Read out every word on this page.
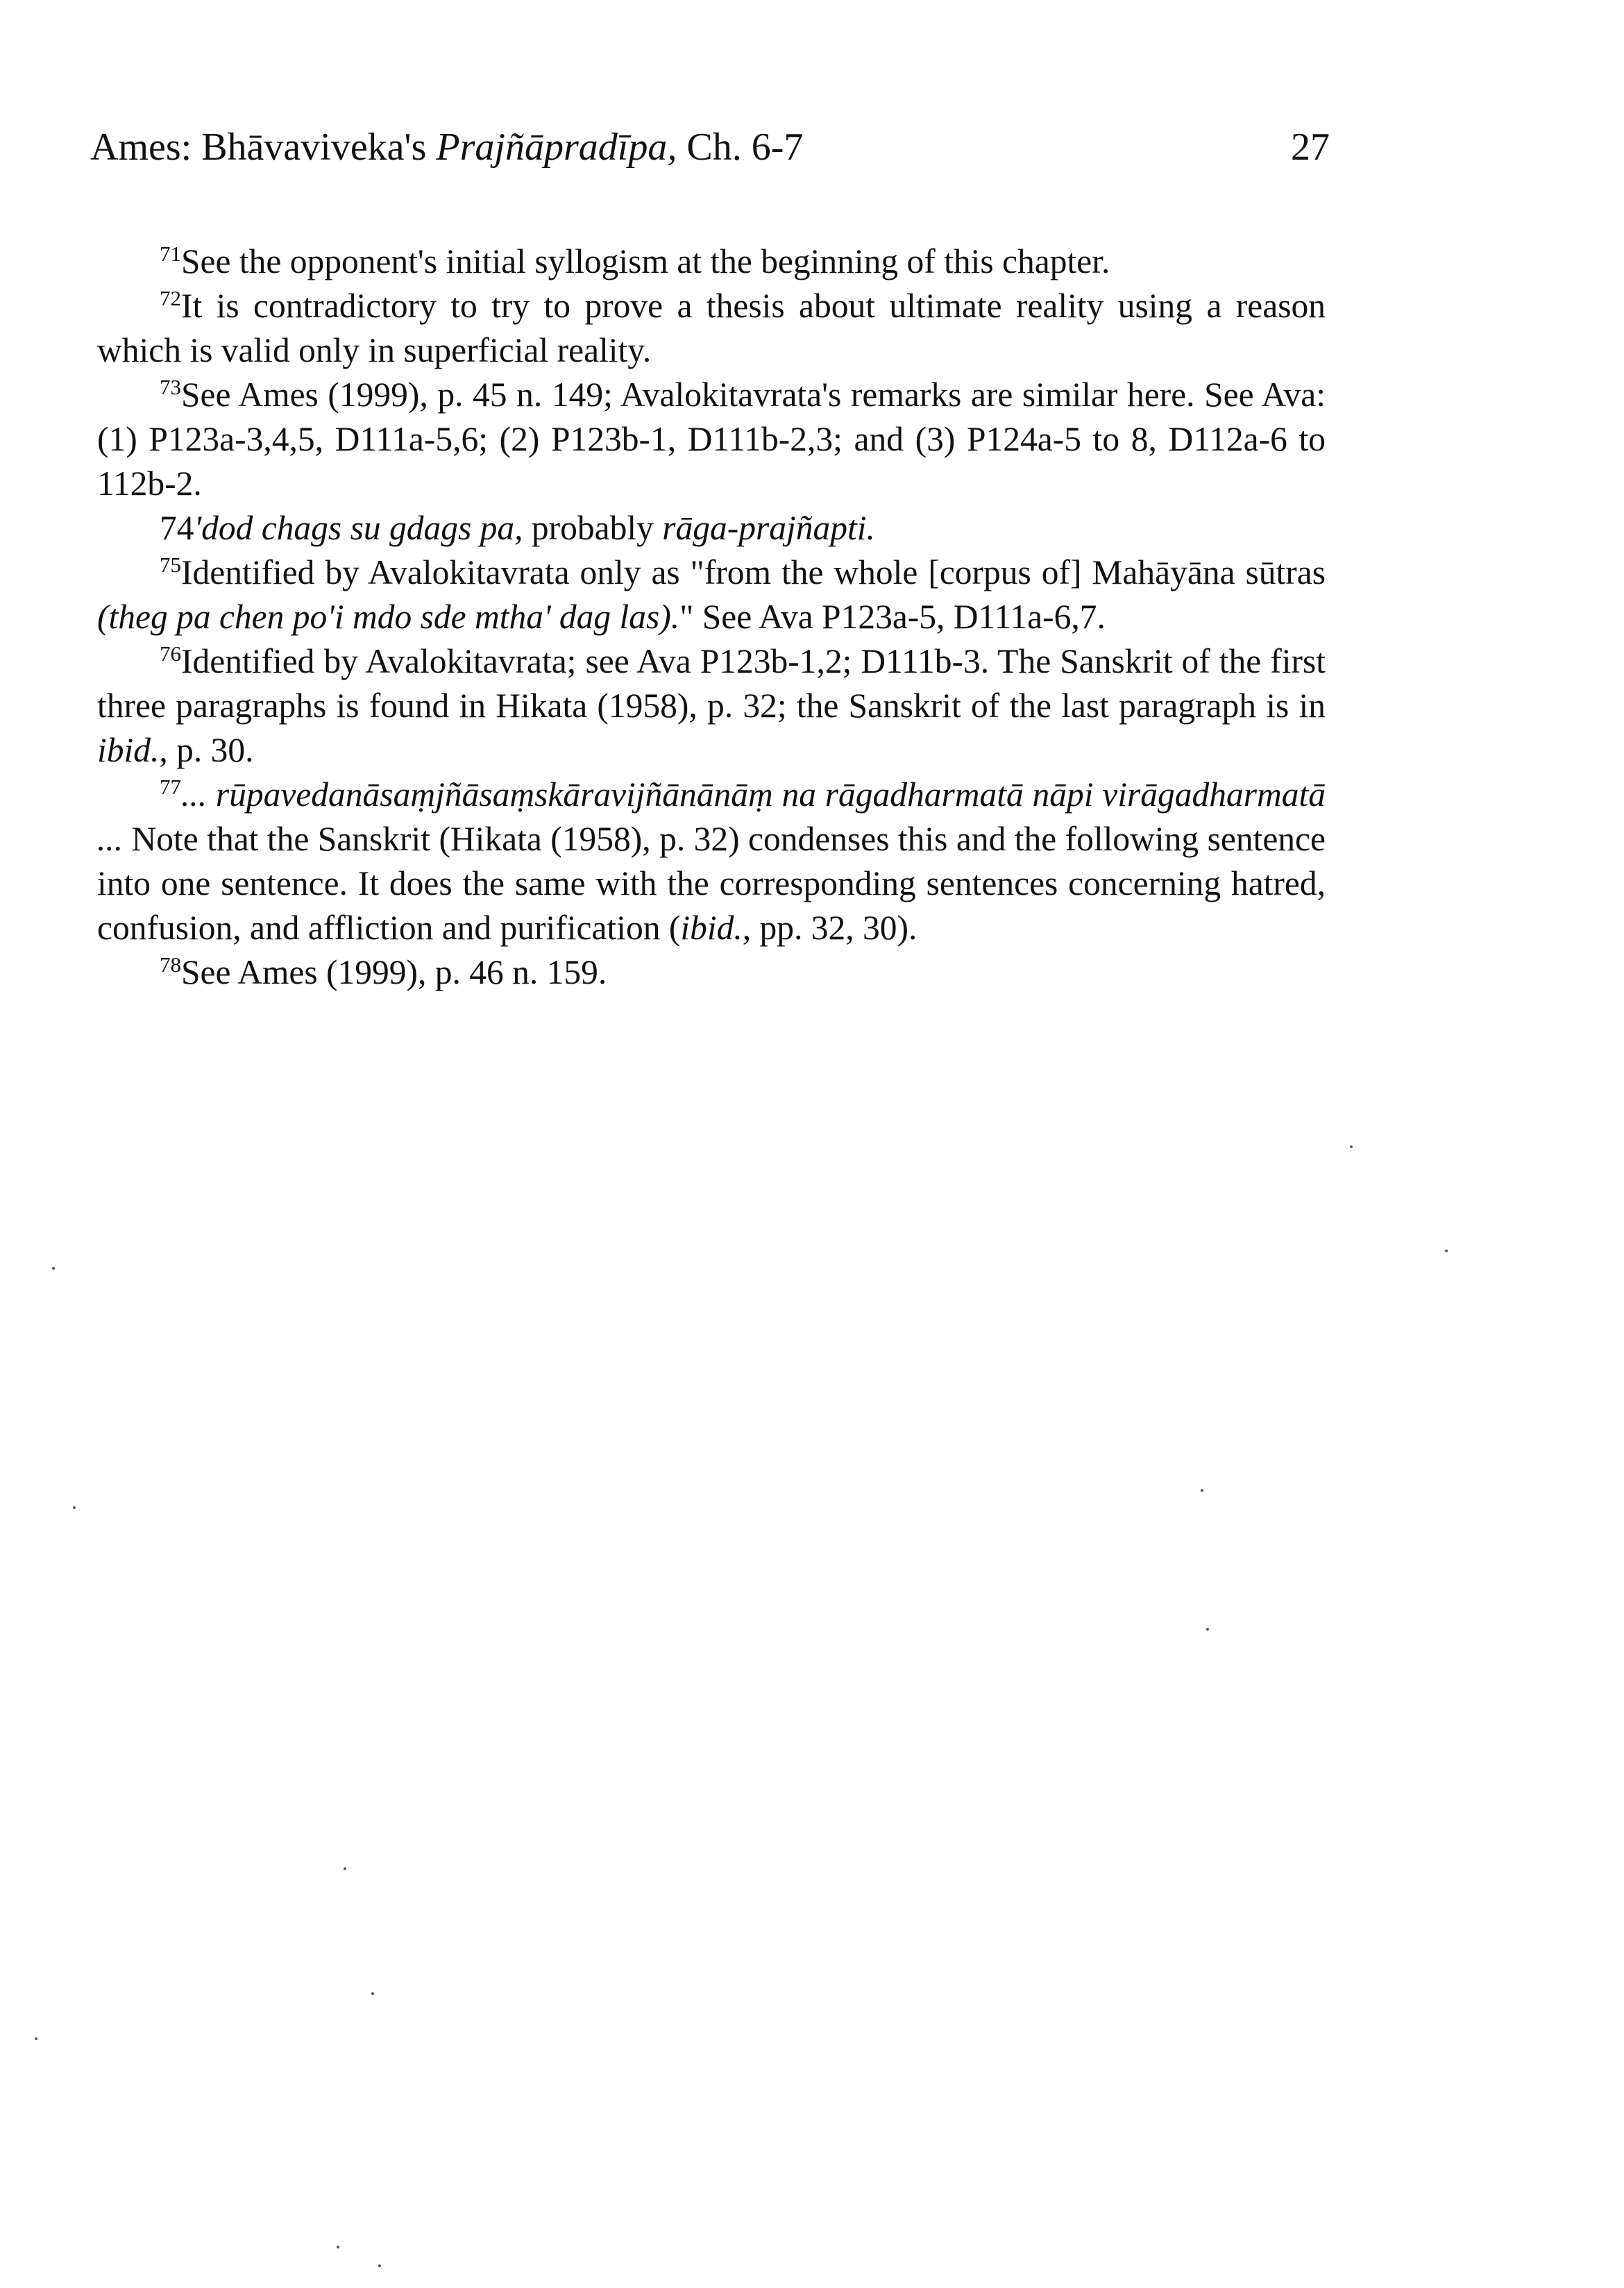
Ames: Bhāvaviveka's Prajñāpradīpa, Ch. 6-7	27

$^{71}$See the opponent's initial syllogism at the beginning of this chapter.

$^{72}$It is contradictory to try to prove a thesis about ultimate reality using a reason which is valid only in superficial reality.

$^{73}$See Ames (1999), p. 45 n. 149; Avalokitavrata's remarks are similar here. See Ava: (1) P123a-3,4,5, D111a-5,6; (2) P123b-1, D111b-2,3; and (3) P124a-5 to 8, D112a-6 to 112b-2.

74'dod chags su gdags pa, probably rāga-prajñapti.

$^{75}$Identified by Avalokitavrata only as "from the whole [corpus of] Mahāyāna sūtras (theg pa chen po'i mdo sde mtha' dag las)." See Ava P123a-5, D111a-6,7.

$^{76}$Identified by Avalokitavrata; see Ava P123b-1,2; D111b-3. The Sanskrit of the first three paragraphs is found in Hikata (1958), p. 32; the Sanskrit of the last paragraph is in ibid., p. 30.

$^{77}$... rūpavedanāsaṃjñāsaṃskāravijñānānāṃ na rāgadharmatā nāpi virāgadharmatā ... Note that the Sanskrit (Hikata (1958), p. 32) condenses this and the following sentence into one sentence. It does the same with the corresponding sentences concerning hatred, confusion, and affliction and purification (ibid., pp. 32, 30).

$^{78}$See Ames (1999), p. 46 n. 159.
